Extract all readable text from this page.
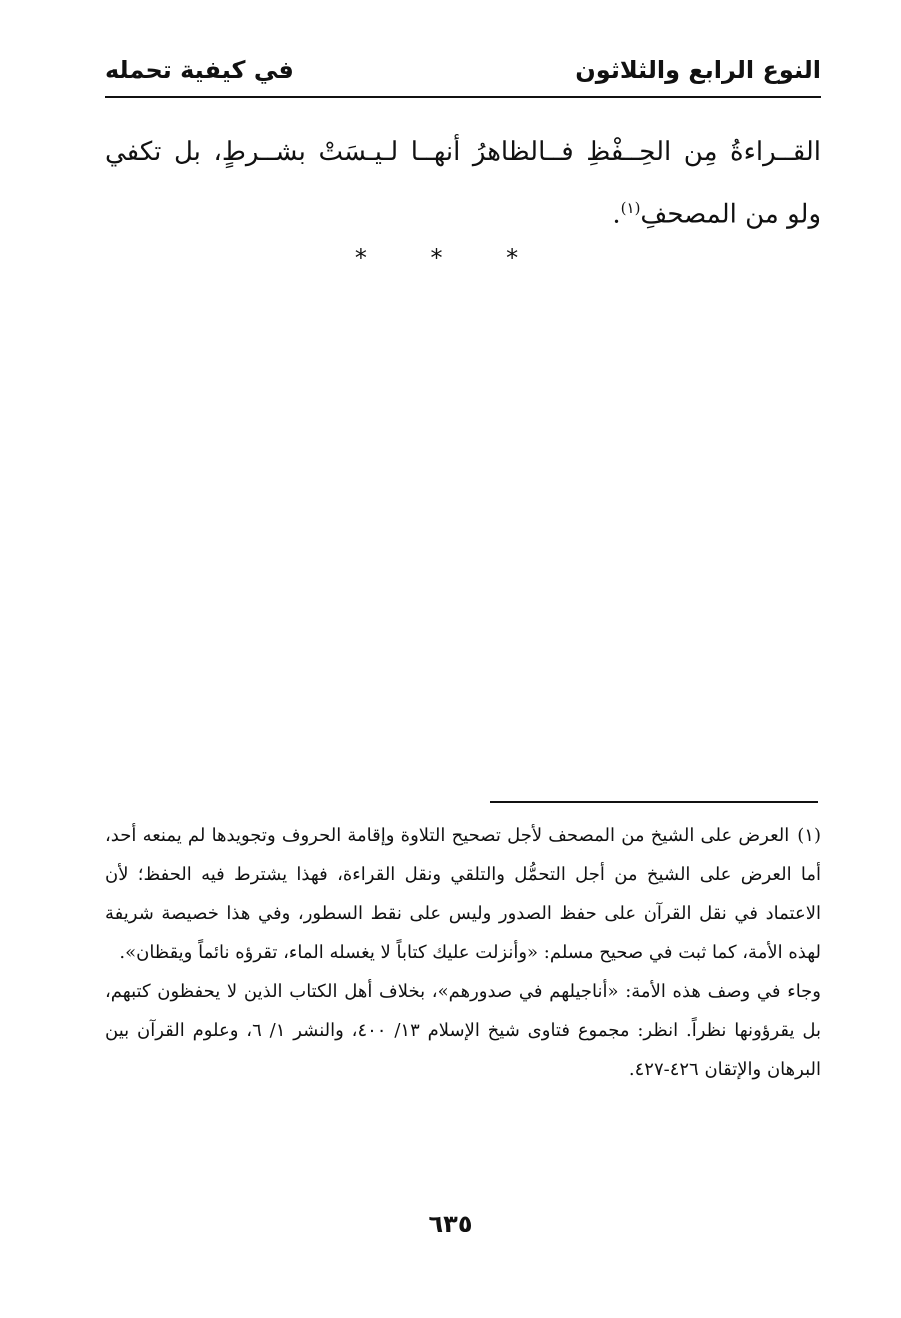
النوع الرابع والثلاثون
في كيفية تحمله
القــراءةُ مِن الحِــفْظِ فــالظاهرُ أنهــا لـيـسَتْ بشــرطٍ، بل تكفي ولو من المصحفِ$^{(١)}$.
* * *

(١)العرض على الشيخ من المصحف لأجل تصحيح التلاوة وإقامة الحروف وتجويدها لم يمنعه أحد، أما العرض على الشيخ من أجل التحمُّل والتلقي ونقل القراءة، فهذا يشترط فيه الحفظ؛ لأن الاعتماد في نقل القرآن على حفظ الصدور وليس على نقط السطور، وفي هذا خصيصة شريفة لهذه الأمة، كما ثبت في صحيح مسلم: «وأنزلت عليك كتاباً لا يغسله الماء، تقرؤه نائماً ويقظان».

وجاء في وصف هذه الأمة: «أناجيلهم في صدورهم»، بخلاف أهل الكتاب الذين لا يحفظون كتبهم، بل يقرؤونها نظراً. انظر: مجموع فتاوى شيخ الإسلام ١٣/ ٤٠٠، والنشر ١/ ٦، وعلوم القرآن بين البرهان والإتقان ٤٢٦-٤٢٧.

٦٣٥
